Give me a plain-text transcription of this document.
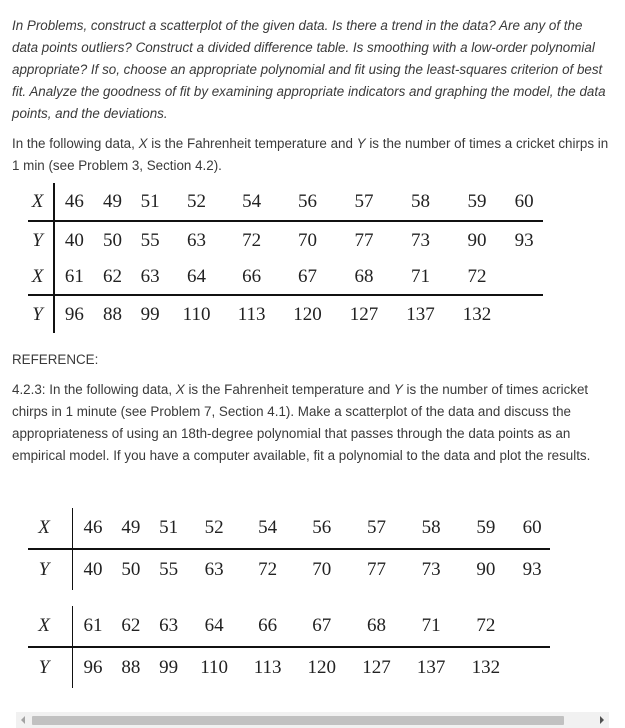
In Problems, construct a scatterplot of the given data. Is there a trend in the data? Are any of the data points outliers? Construct a divided difference table. Is smoothing with a low-order polynomial appropriate? If so, choose an appropriate polynomial and fit using the least-squares criterion of best fit. Analyze the goodness of fit by examining appropriate indicators and graphing the model, the data points, and the deviations.
In the following data, X is the Fahrenheit temperature and Y is the number of times a cricket chirps in 1 min (see Problem 3, Section 4.2).
X	46	49	51	52	54	56	57	58	59	60
Y	40	50	55	63	72	70	77	73	90	93
X	61	62	63	64	66	67	68	71	72	
Y	96	88	99	110	113	120	127	137	132	
REFERENCE:
4.2.3: In the following data, X is the Fahrenheit temperature and Y is the number of times acricket chirps in 1 minute (see Problem 7, Section 4.1). Make a scatterplot of the data and discuss the appropriateness of using an 18th-degree polynomial that passes through the data points as an empirical model. If you have a computer available, fit a polynomial to the data and plot the results.
X	46	49	51	52	54	56	57	58	59	60
Y	40	50	55	63	72	70	77	73	90	93

X	61	62	63	64	66	67	68	71	72	
Y	96	88	99	110	113	120	127	137	132	
